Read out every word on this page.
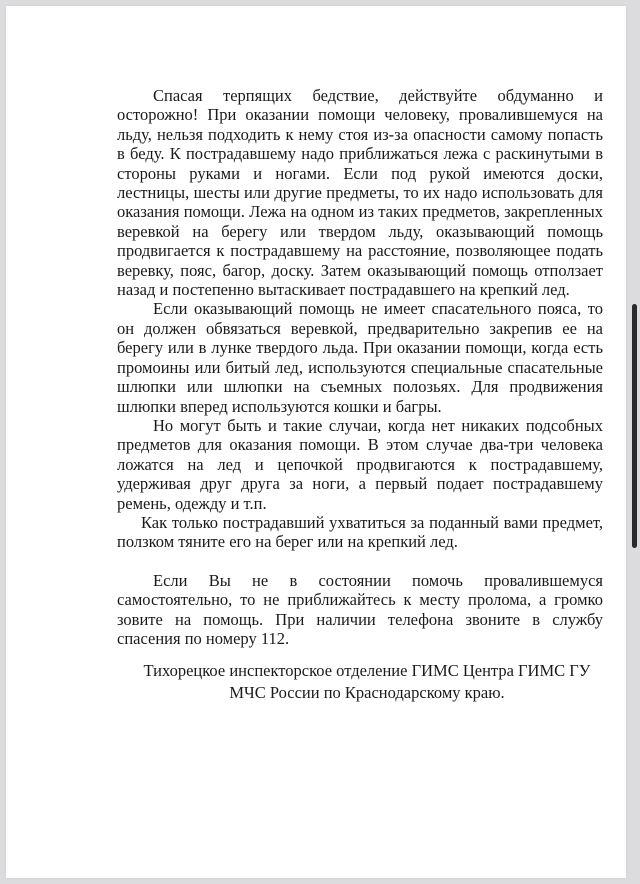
Спасая терпящих бедствие, действуйте обдуманно и осторожно! При оказании помощи человеку, провалившемуся на льду, нельзя подходить к нему стоя из-за опасности самому попасть в беду. К пострадавшему надо приближаться лежа с раскинутыми в стороны руками и ногами. Если под рукой имеются доски, лестницы, шесты или другие предметы, то их надо использовать для оказания помощи. Лежа на одном из таких предметов, закрепленных веревкой на берегу или твердом льду, оказывающий помощь продвигается к пострадавшему на расстояние, позволяющее подать веревку, пояс, багор, доску. Затем оказывающий помощь отползает назад и постепенно вытаскивает пострадавшего на крепкий лед.

Если оказывающий помощь не имеет спасательного пояса, то он должен обвязаться веревкой, предварительно закрепив ее на берегу или в лунке твердого льда. При оказании помощи, когда есть промоины или битый лед, используются специальные спасательные шлюпки или шлюпки на съемных полозьях. Для продвижения шлюпки вперед используются кошки и багры.

Но могут быть и такие случаи, когда нет никаких подсобных предметов для оказания помощи. В этом случае два-три человека ложатся на лед и цепочкой продвигаются к пострадавшему, удерживая друг друга за ноги, а первый подает пострадавшему ремень, одежду и т.п.

Как только пострадавший ухватиться за поданный вами предмет, ползком тяните его на берег или на крепкий лед.

Если Вы не в состоянии помочь провалившемуся самостоятельно, то не приближайтесь к месту пролома, а громко зовите на помощь. При наличии телефона звоните в службу спасения по номеру 112.

Тихорецкое инспекторское отделение ГИМС Центра ГИМС ГУ
МЧС России по Краснодарскому краю.
